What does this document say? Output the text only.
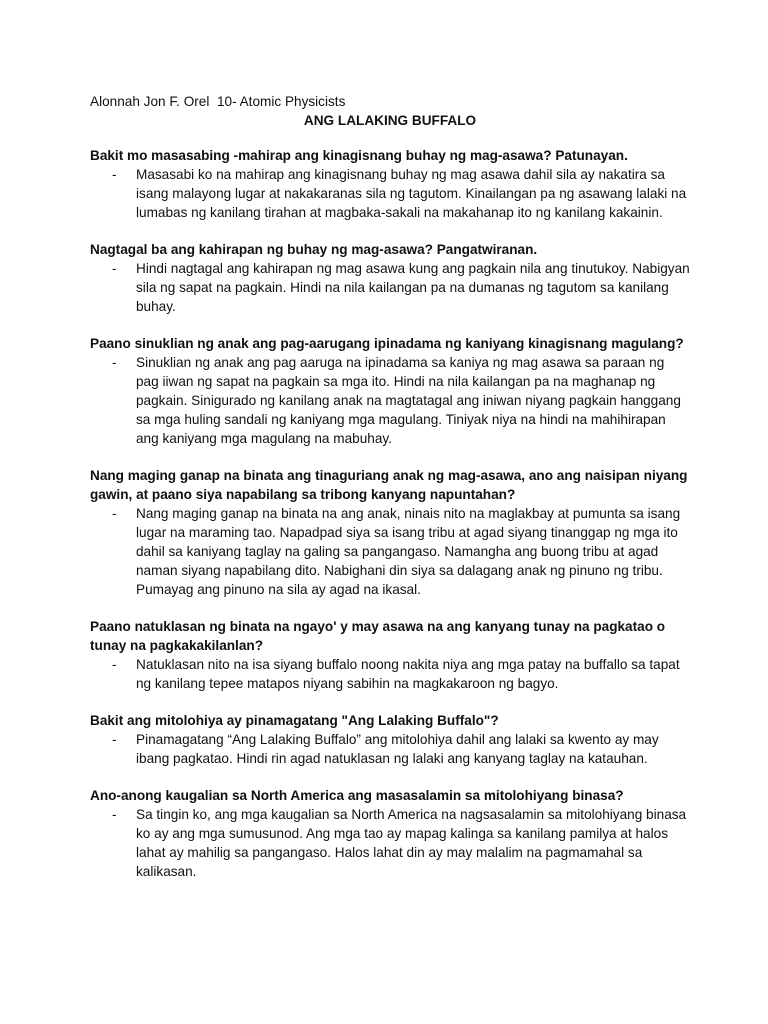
Alonnah Jon F. Orel  10- Atomic Physicists

ANG LALAKING BUFFALO

Bakit mo masasabing -mahirap ang kinagisnang buhay ng mag-asawa? Patunayan.

-	Masasabi ko na mahirap ang kinagisnang buhay ng mag asawa dahil sila ay nakatira sa isang malayong lugar at nakakaranas sila ng tagutom. Kinailangan pa ng asawang lalaki na lumabas ng kanilang tirahan at magbaka-sakali na makahanap ito ng kanilang kakainin.

Nagtagal ba ang kahirapan ng buhay ng mag-asawa? Pangatwiranan.

-	Hindi nagtagal ang kahirapan ng mag asawa kung ang pagkain nila ang tinutukoy. Nabigyan sila ng sapat na pagkain. Hindi na nila kailangan pa na dumanas ng tagutom sa kanilang buhay.

Paano sinuklian ng anak ang pag-aarugang ipinadama ng kaniyang kinagisnang magulang?

-	Sinuklian ng anak ang pag aaruga na ipinadama sa kaniya ng mag asawa sa paraan ng pag iiwan ng sapat na pagkain sa mga ito. Hindi na nila kailangan pa na maghanap ng pagkain. Sinigurado ng kanilang anak na magtatagal ang iniwan niyang pagkain hanggang sa mga huling sandali ng kaniyang mga magulang. Tiniyak niya na hindi na mahihirapan ang kaniyang mga magulang na mabuhay.

Nang maging ganap na binata ang tinaguriang anak ng mag-asawa, ano ang naisipan niyang gawin, at paano siya napabilang sa tribong kanyang napuntahan?

-	Nang maging ganap na binata na ang anak, ninais nito na maglakbay at pumunta sa isang lugar na maraming tao. Napadpad siya sa isang tribu at agad siyang tinanggap ng mga ito dahil sa kaniyang taglay na galing sa pangangaso. Namangha ang buong tribu at agad naman siyang napabilang dito. Nabighani din siya sa dalagang anak ng pinuno ng tribu. Pumayag ang pinuno na sila ay agad na ikasal.

Paano natuklasan ng binata na ngayo' y may asawa na ang kanyang tunay na pagkatao o tunay na pagkakakilanlan?

-	Natuklasan nito na isa siyang buffalo noong nakita niya ang mga patay na buffallo sa tapat ng kanilang tepee matapos niyang sabihin na magkakaroon ng bagyo.

Bakit ang mitolohiya ay pinamagatang "Ang Lalaking Buffalo"?

-	Pinamagatang “Ang Lalaking Buffalo” ang mitolohiya dahil ang lalaki sa kwento ay may ibang pagkatao. Hindi rin agad natuklasan ng lalaki ang kanyang taglay na katauhan.

Ano-anong kaugalian sa North America ang masasalamin sa mitolohiyang binasa?

-	Sa tingin ko, ang mga kaugalian sa North America na nagsasalamin sa mitolohiyang binasa ko ay ang mga sumusunod. Ang mga tao ay mapag kalinga sa kanilang pamilya at halos lahat ay mahilig sa pangangaso. Halos lahat din ay may malalim na pagmamahal sa kalikasan.
